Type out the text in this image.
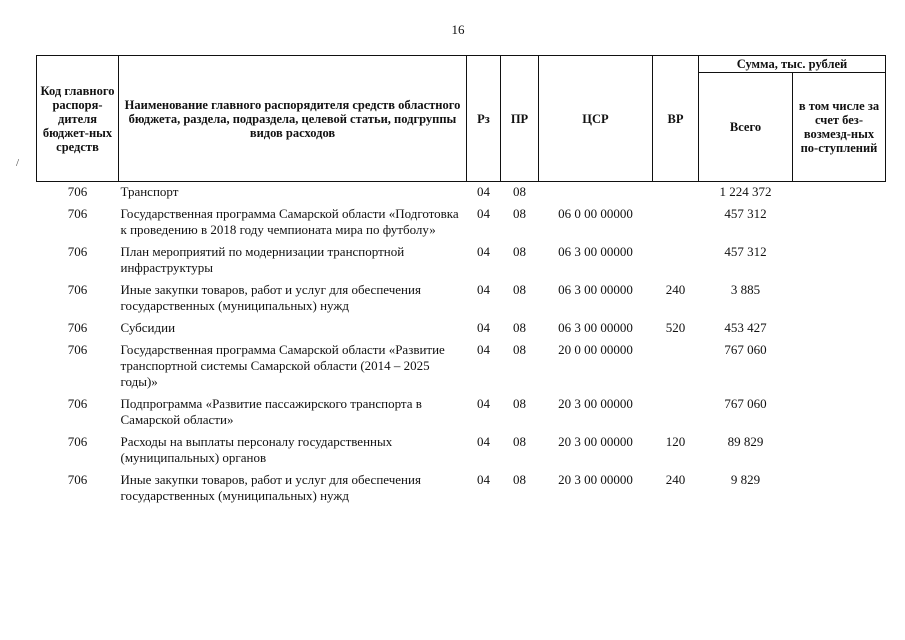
16
/
Код главного распоря-дителя бюджет-ных средств	Наименование главного распорядителя средств областного бюджета, раздела, подраздела, целевой статьи, подгруппы видов расходов	Рз	ПР	ЦСР	ВР	Сумма, тыс. рублей	
						Всего	в том числе за счет без-возмезд-ных по-ступлений
706	Транспорт	04	08			1 224 372	
706	Государственная программа Самарской области «Подготовка к проведению в 2018 году чемпионата мира по футболу»	04	08	06 0 00 00000		457 312	
706	План мероприятий по модернизации транспортной инфраструктуры	04	08	06 3 00 00000		457 312	
706	Иные закупки товаров, работ и услуг для обеспечения государственных (муниципальных) нужд	04	08	06 3 00 00000	240	3 885	
706	Субсидии	04	08	06 3 00 00000	520	453 427	
706	Государственная программа Самарской области «Развитие транспортной системы Самарской области (2014 – 2025 годы)»	04	08	20 0 00 00000		767 060	
706	Подпрограмма «Развитие пассажирского транспорта в Самарской области»	04	08	20 3 00 00000		767 060	
706	Расходы на выплаты персоналу государственных (муниципальных) органов	04	08	20 3 00 00000	120	89 829	
706	Иные закупки товаров, работ и услуг для обеспечения государственных (муниципальных) нужд	04	08	20 3 00 00000	240	9 829	
